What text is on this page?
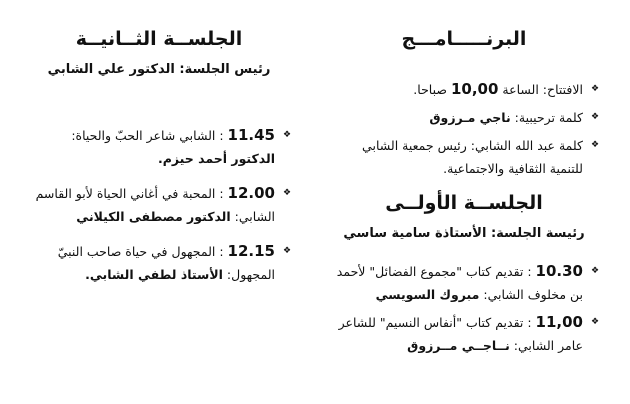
البرنـــــامـــج
❖
الافتتاح: الساعة 10,00 صباحا.
❖
كلمة ترحيبية: ناجي مـرزوق
❖
كلمة عبد الله الشابي: رئيس جمعية الشابي للتنمية الثقافية والاجتماعية.
الجلســة الأولــى
رئيسة الجلسة: الأستاذة سامية ساسي
❖
10.30 : تقديم كتاب "مجموع الفضائل" لأحمد بن مخلوف الشابي: مبروك السويسي
❖
11,00 : تقديم كتاب "أنفاس النسيم" للشاعر عامر الشابي: نــاجــي مــرزوق
الجلســة الثــانيــة
رئيس الجلسة: الدكتور علي الشابي
❖
11.45 : الشابي شاعر الحبّ والحياة: الدكتور أحمد حيزم.
❖
12.00 : المحبة في أغاني الحياة لأبو القاسم الشابي: الدكتور مصطفى الكيلاني
❖
12.15 : المجهول في حياة صاحب النبيّ المجهول: الأستاذ لطفي الشابي.
